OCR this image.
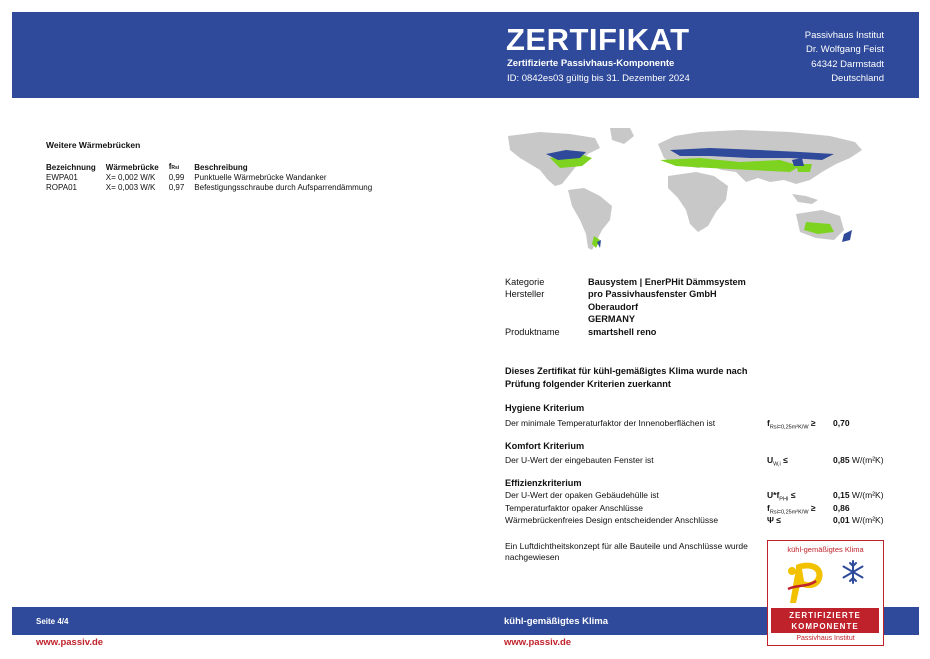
ZERTIFIKAT
Zertifizierte Passivhaus-Komponente
ID: 0842es03 gültig bis 31. Dezember 2024
Passivhaus Institut
Dr. Wolfgang Feist
64342 Darmstadt
Deutschland
Weitere Wärmebrücken
Bezeichnung	Wärmebrücke	fRsi	Beschreibung
EWPA01	X= 0,002 W/K	0,99	Punktuelle Wärmebrücke Wandanker
ROPA01	X= 0,003 W/K	0,97	Befestigungsschraube durch Aufsparrendämmung
Kategorie	Bausystem | EnerPHit Dämmsystem
Hersteller	pro Passivhausfenster GmbH
Oberaudorf
GERMANY
Produktname	smartshell reno
Dieses Zertifikat für kühl-gemäßigtes Klima wurde nach Prüfung folgender Kriterien zuerkannt
Hygiene Kriterium
Der minimale Temperaturfaktor der Innenoberflächen ist	$f_{Rsi=0,25m^2K/W} \ge 0,70$
Komfort Kriterium
Der U-Wert der eingebauten Fenster ist	$U_{W,i}$ ≤	0,85 W/(m²K)
Effizienzkriterium
Der U-Wert der opaken Gebäudehülle ist	$U*f_{PHI}$ ≤	0,15 W/(m²K)
Temperaturfaktor opaker Anschlüsse	$f_{Rsi=0,25m^2K/W} \ge 0,86$
Wärmebrückenfreies Design entscheidender Anschlüsse	Ψ ≤	0,01 W/(m²K)
Ein Luftdichtheitskonzept für alle Bauteile und Anschlüsse wurde nachgewiesen
Seite 4/4	kühl-gemäßigtes Klima
www.passiv.de	www.passiv.de
kühl-gemäßigtes Klima
ZERTIFIZIERTE
KOMPONENTE
Passivhaus Institut
